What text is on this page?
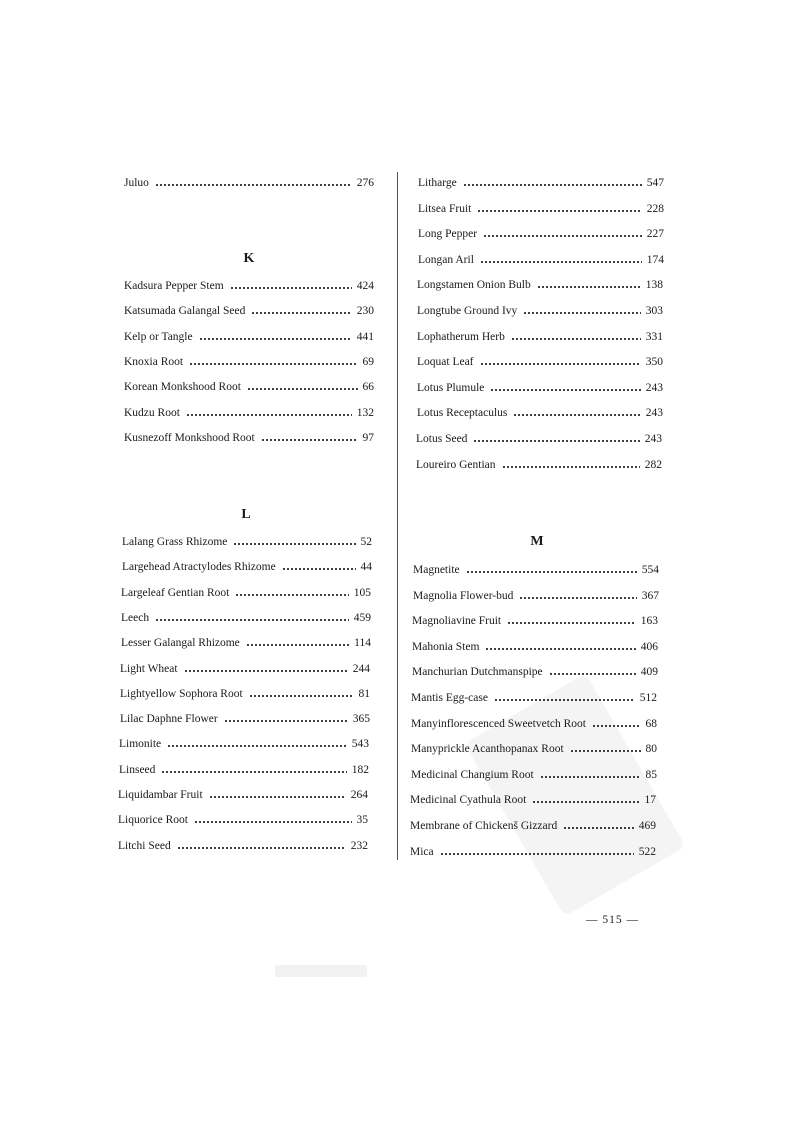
Juluo	276
K
Kadsura Pepper Stem	424
Katsumada Galangal Seed	230
Kelp or Tangle	441
Knoxia Root	69
Korean Monkshood Root	66
Kudzu Root	132
Kusnezoff Monkshood Root	97
L
Lalang Grass Rhizome	52
Largehead Atractylodes Rhizome	44
Largeleaf Gentian Root	105
Leech	459
Lesser Galangal Rhizome	114
Light Wheat	244
Lightyellow Sophora Root	81
Lilac Daphne Flower	365
Limonite	543
Linseed	182
Liquidambar Fruit	264
Liquorice Root	35
Litchi Seed	232
Litharge	547
Litsea Fruit	228
Long Pepper	227
Longan Aril	174
Longstamen Onion Bulb	138
Longtube Ground Ivy	303
Lophatherum Herb	331
Loquat Leaf	350
Lotus Plumule	243
Lotus Receptaculus	243
Lotus Seed	243
Loureiro Gentian	282
M
Magnetite	554
Magnolia Flower-bud	367
Magnoliavine Fruit	163
Mahonia Stem	406
Manchurian Dutchmanspipe	409
Mantis Egg-case	512
Manyinflorescenced Sweetvetch Root	68
Manyprickle Acanthopanax Root	80
Medicinal Changium Root	85
Medicinal Cyathula Root	17
Membrane of Chickenš Gizzard	469
Mica	522
— 515 —
